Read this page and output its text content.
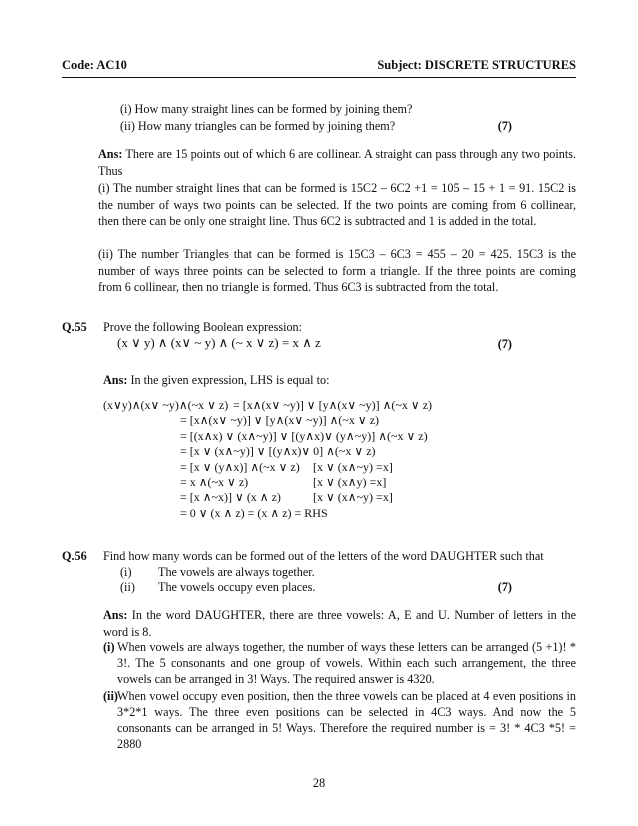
Code: AC10	Subject: DISCRETE STRUCTURES
(i) How many straight lines can be formed by joining them?
(ii) How many triangles can be formed by joining them?	(7)
Ans: There are 15 points out of which 6 are collinear. A straight can pass through any two points. Thus
(i) The number straight lines that can be formed is 15C2 – 6C2 +1 = 105 – 15 + 1 = 91. 15C2 is the number of ways two points can be selected. If the two points are coming from 6 collinear, then there can be only one straight line. Thus 6C2 is subtracted and 1 is added in the total.
(ii) The number Triangles that can be formed is 15C3 – 6C3 = 455 – 20 = 425. 15C3 is the number of ways three points can be selected to form a triangle. If the three points are coming from 6 collinear, then no triangle is formed. Thus 6C3 is subtracted from the total.
Q.55 Prove the following Boolean expression:
(x ∨ y) ∧ (x∨ ~ y) ∧ (~ x ∨ z) = x ∧ z	(7)
Ans: In the given expression, LHS is equal to:
(x∨y)∧(x∨ ~y)∧(~x ∨ z) = [x∧(x∨ ~y)] ∨ [y∧(x∨ ~y)] ∧(~x ∨ z)
= [x∧(x∨ ~y)] ∨ [y∧(x∨ ~y)] ∧(~x ∨ z)
= [(x∧x) ∨ (x∧~y)] ∨ [(y∧x)∨ (y∧~y)] ∧(~x ∨ z)
= [x ∨ (x∧~y)] ∨ [(y∧x)∨ 0] ∧(~x ∨ z)
= [x ∨ (y∧x)] ∧(~x ∨ z) [x ∨ (x∧~y) =x]
= x ∧(~x ∨ z)	[x ∨ (x∧y) =x]
= [x ∧~x)] ∨ (x ∧ z)	[x ∨ (x∧~y) =x]
= 0 ∨ (x ∧ z) = (x ∧ z) = RHS
Q.56 Find how many words can be formed out of the letters of the word DAUGHTER such that
(i) The vowels are always together.
(ii) The vowels occupy even places.	(7)
Ans: In the word DAUGHTER, there are three vowels: A, E and U. Number of letters in the word is 8.
(i) When vowels are always together, the number of ways these letters can be arranged (5 +1)! * 3!. The 5 consonants and one group of vowels. Within each such arrangement, the three vowels can be arranged in 3! Ways. The required answer is 4320.
(ii) When vowel occupy even position, then the three vowels can be placed at 4 even positions in 3*2*1 ways. The three even positions can be selected in 4C3 ways. And now the 5 consonants can be arranged in 5! Ways. Therefore the required number is = 3! * 4C3 *5! = 2880
28
